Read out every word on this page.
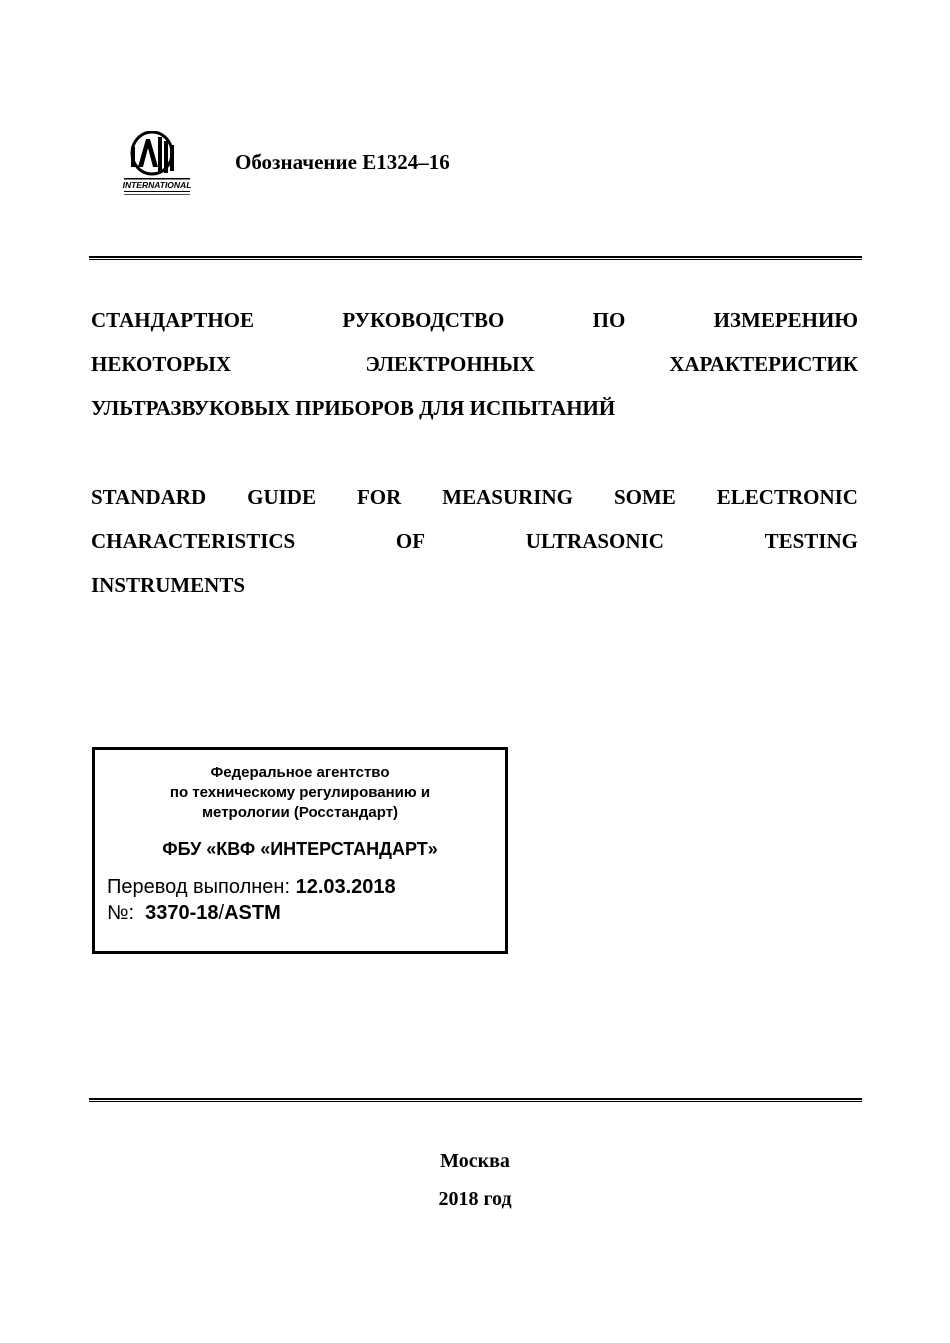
INTERNATIONAL
Обозначение E1324–16
СТАНДАРТНОЕ	РУКОВОДСТВО	ПО	ИЗМЕРЕНИЮ
НЕКОТОРЫХ	ЭЛЕКТРОННЫХ	ХАРАКТЕРИСТИК
УЛЬТРАЗВУКОВЫХ ПРИБОРОВ ДЛЯ ИСПЫТАНИЙ
STANDARD GUIDE FOR MEASURING SOME ELECTRONIC
CHARACTERISTICS	OF	ULTRASONIC	TESTING
INSTRUMENTS
Федеральное агентство
по техническому регулированию и
метрологии (Росстандарт)
ФБУ «КВФ «ИНТЕРСТАНДАРТ»
Перевод выполнен: 12.03.2018
№: 3370-18/ASTM
Москва
2018 год
